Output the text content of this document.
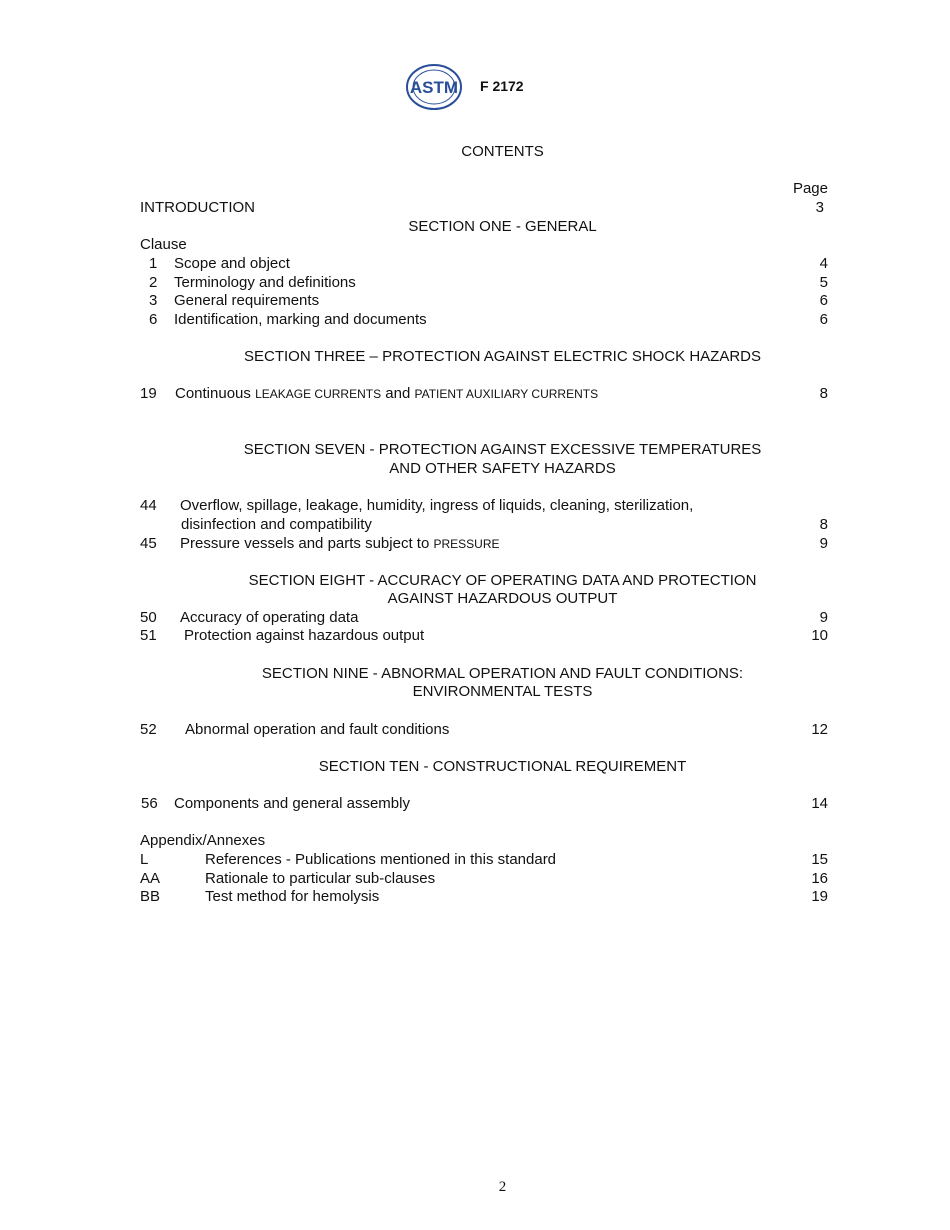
ASTM F 2172
CONTENTS
Page
INTRODUCTION	3
SECTION ONE - GENERAL
Clause
1 Scope and object	4
2 Terminology and definitions	5
3 General requirements	6
6 Identification, marking and documents	6
SECTION THREE – PROTECTION AGAINST ELECTRIC SHOCK HAZARDS
19 Continuous LEAKAGE CURRENTS and PATIENT AUXILIARY CURRENTS	8
SECTION SEVEN - PROTECTION AGAINST EXCESSIVE TEMPERATURES
AND OTHER SAFETY HAZARDS
44 Overflow, spillage, leakage, humidity, ingress of liquids, cleaning, sterilization,
disinfection and compatibility	8
45 Pressure vessels and parts subject to PRESSURE	9
SECTION EIGHT - ACCURACY OF OPERATING DATA AND PROTECTION
AGAINST HAZARDOUS OUTPUT
50 Accuracy of operating data	9
51 Protection against hazardous output	10
SECTION NINE - ABNORMAL OPERATION AND FAULT CONDITIONS:
ENVIRONMENTAL TESTS
52 Abnormal operation and fault conditions	12
SECTION TEN - CONSTRUCTIONAL REQUIREMENT
56 Components and general assembly	14
Appendix/Annexes
L	References - Publications mentioned in this standard	15
AA	Rationale to particular sub-clauses	16
BB	Test method for hemolysis	19
2
